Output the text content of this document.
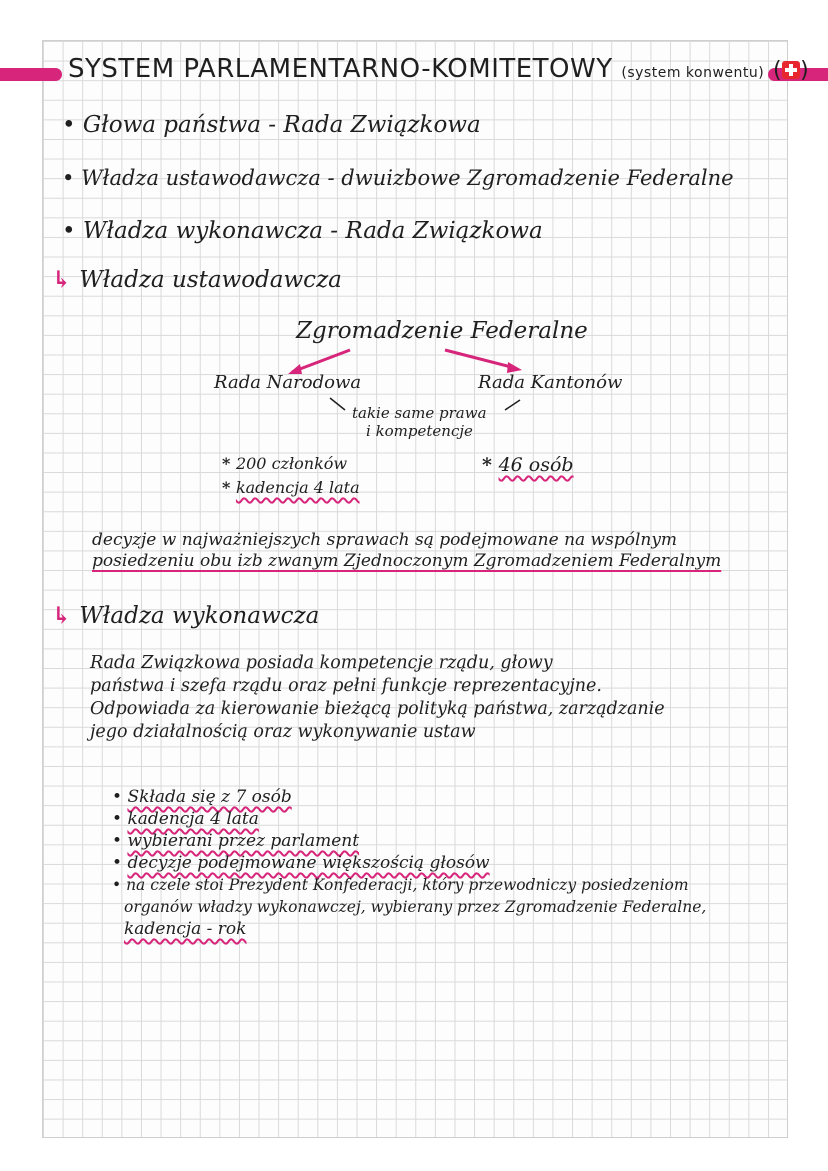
SYSTEM PARLAMENTARNO-KOMITETOWY (system konwentu) ( )
• Głowa państwa - Rada Związkowa
• Władza ustawodawcza - dwuizbowe Zgromadzenie Federalne
• Władza wykonawcza - Rada Związkowa
↳ Władza ustawodawcza
Zgromadzenie Federalne
Rada Narodowa	Rada Kantonów
takie same prawa
i kompetencje
* 200 członków
* kadencja 4 lata
* 46 osób
decyzje w najważniejszych sprawach są podejmowane na wspólnym
posiedzeniu obu izb zwanym Zjednoczonym Zgromadzeniem Federalnym
↳ Władza wykonawcza
Rada Związkowa posiada kompetencje rządu, głowy
państwa i szefa rządu oraz pełni funkcje reprezentacyjne.
Odpowiada za kierowanie bieżącą polityką państwa, zarządzanie
jego działalnością oraz wykonywanie ustaw
• Składa się z 7 osób
• kadencja 4 lata
• wybierani przez parlament
• decyzje podejmowane większością głosów
• na czele stoi Prezydent Konfederacji, który przewodniczy posiedzeniom
organów władzy wykonawczej, wybierany przez Zgromadzenie Federalne,
kadencja - rok
